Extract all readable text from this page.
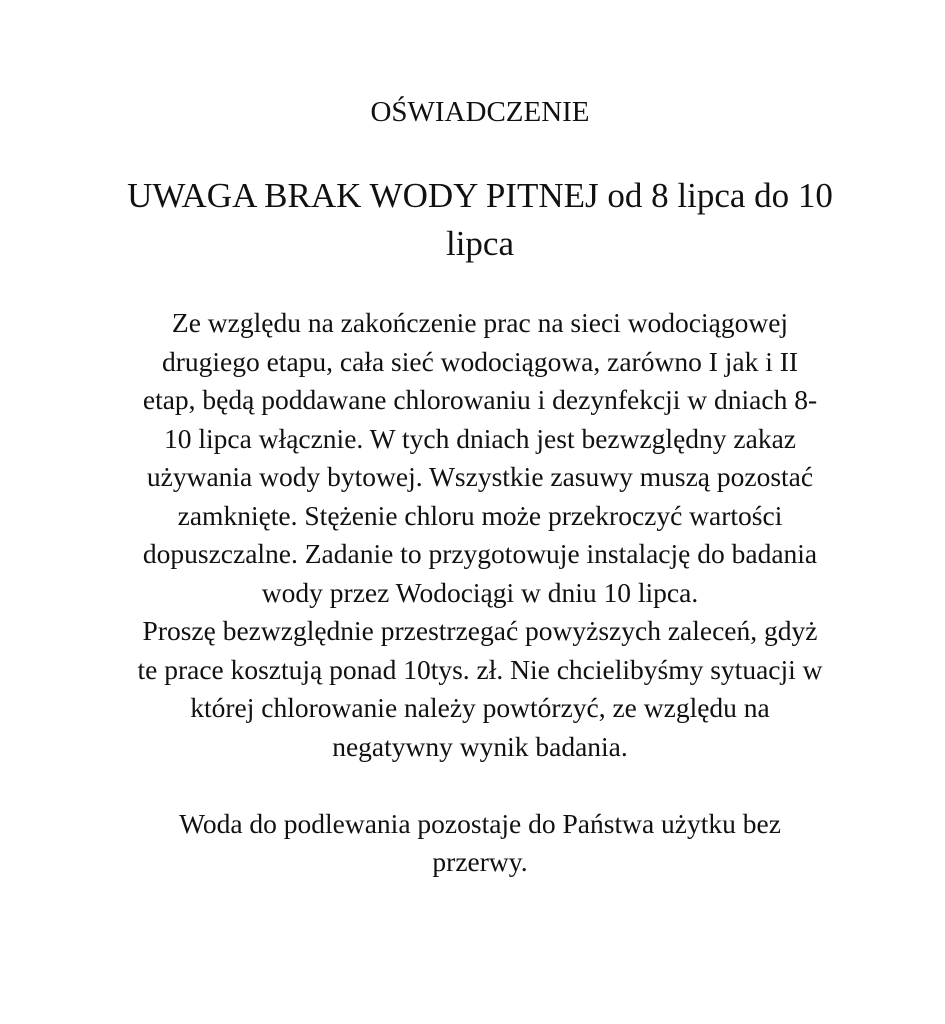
OŚWIADCZENIE
UWAGA BRAK WODY PITNEJ od 8 lipca do 10
lipca
Ze względu na zakończenie prac na sieci wodociągowej
drugiego etapu, cała sieć wodociągowa, zarówno I jak i II
etap, będą poddawane chlorowaniu i dezynfekcji w dniach 8-
10 lipca włącznie. W tych dniach jest bezwzględny zakaz
używania wody bytowej. Wszystkie zasuwy muszą pozostać
zamknięte. Stężenie chloru może przekroczyć wartości
dopuszczalne. Zadanie to przygotowuje instalację do badania
wody przez Wodociągi w dniu 10 lipca.
Proszę bezwzględnie przestrzegać powyższych zaleceń, gdyż
te prace kosztują ponad 10tys. zł. Nie chcielibyśmy sytuacji w
której chlorowanie należy powtórzyć, ze względu na
negatywny wynik badania.
Woda do podlewania pozostaje do Państwa użytku bez
przerwy.
